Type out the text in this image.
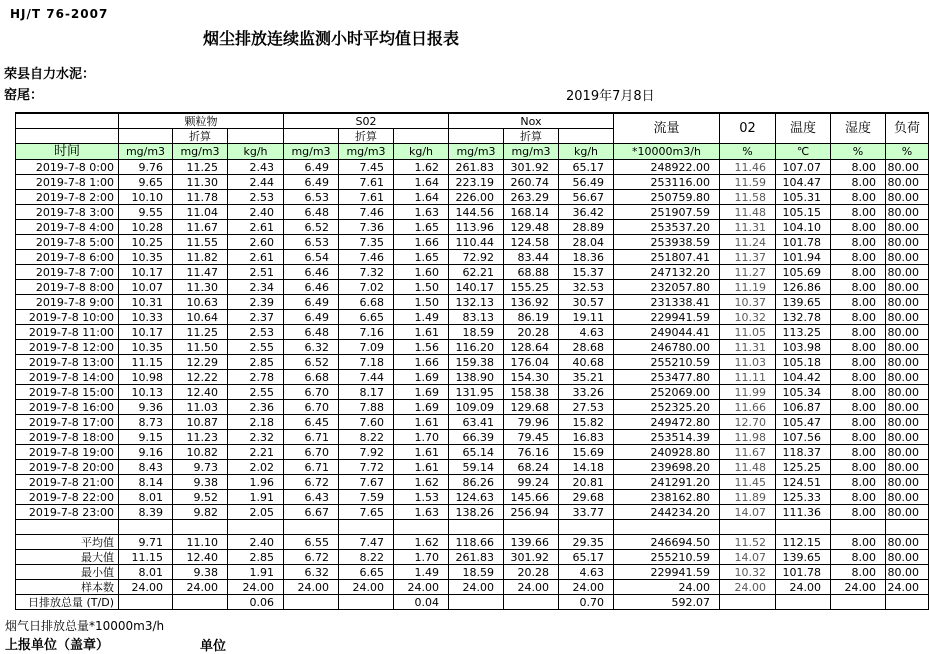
HJ/T 76-2007
烟尘排放连续监测小时平均值日报表
荣县自力水泥：
窑尾：	2019年7月8日
	颗粒物			S02			Nox			流量	02	温度	湿度	负荷
		折算			折算			折算						
时间	mg/m3	mg/m3	kg/h	mg/m3	mg/m3	kg/h	mg/m3	mg/m3	kg/h	*10000m3/h	%	℃	%	%
2019-7-8 0:00	9.76	11.25	2.43	6.49	7.45	1.62	261.83	301.92	65.17	248922.00	11.46	107.07	8.00	80.00
2019-7-8 1:00	9.65	11.30	2.44	6.49	7.61	1.64	223.19	260.74	56.49	253116.00	11.59	104.47	8.00	80.00
2019-7-8 2:00	10.10	11.78	2.53	6.53	7.61	1.64	226.00	263.29	56.67	250759.80	11.58	105.31	8.00	80.00
2019-7-8 3:00	9.55	11.04	2.40	6.48	7.46	1.63	144.56	168.14	36.42	251907.59	11.48	105.15	8.00	80.00
2019-7-8 4:00	10.28	11.67	2.61	6.52	7.36	1.65	113.96	129.48	28.89	253537.20	11.31	104.10	8.00	80.00
2019-7-8 5:00	10.25	11.55	2.60	6.53	7.35	1.66	110.44	124.58	28.04	253938.59	11.24	101.78	8.00	80.00
2019-7-8 6:00	10.35	11.82	2.61	6.54	7.46	1.65	72.92	83.44	18.36	251807.41	11.37	101.94	8.00	80.00
2019-7-8 7:00	10.17	11.47	2.51	6.46	7.32	1.60	62.21	68.88	15.37	247132.20	11.27	105.69	8.00	80.00
2019-7-8 8:00	10.07	11.30	2.34	6.46	7.02	1.50	140.17	155.25	32.53	232057.80	11.19	126.86	8.00	80.00
2019-7-8 9:00	10.31	10.63	2.39	6.49	6.68	1.50	132.13	136.92	30.57	231338.41	10.37	139.65	8.00	80.00
2019-7-8 10:00	10.33	10.64	2.37	6.49	6.65	1.49	83.13	86.19	19.11	229941.59	10.32	132.78	8.00	80.00
2019-7-8 11:00	10.17	11.25	2.53	6.48	7.16	1.61	18.59	20.28	4.63	249044.41	11.05	113.25	8.00	80.00
2019-7-8 12:00	10.35	11.50	2.55	6.32	7.09	1.56	116.20	128.64	28.68	246780.00	11.31	103.98	8.00	80.00
2019-7-8 13:00	11.15	12.29	2.85	6.52	7.18	1.66	159.38	176.04	40.68	255210.59	11.03	105.18	8.00	80.00
2019-7-8 14:00	10.98	12.22	2.78	6.68	7.44	1.69	138.90	154.30	35.21	253477.80	11.11	104.42	8.00	80.00
2019-7-8 15:00	10.13	12.40	2.55	6.70	8.17	1.69	131.95	158.38	33.26	252069.00	11.99	105.34	8.00	80.00
2019-7-8 16:00	9.36	11.03	2.36	6.70	7.88	1.69	109.09	129.68	27.53	252325.20	11.66	106.87	8.00	80.00
2019-7-8 17:00	8.73	10.87	2.18	6.45	7.60	1.61	63.41	79.96	15.82	249472.80	12.70	105.47	8.00	80.00
2019-7-8 18:00	9.15	11.23	2.32	6.71	8.22	1.70	66.39	79.45	16.83	253514.39	11.98	107.56	8.00	80.00
2019-7-8 19:00	9.16	10.82	2.21	6.70	7.92	1.61	65.14	76.16	15.69	240928.80	11.67	118.37	8.00	80.00
2019-7-8 20:00	8.43	9.73	2.02	6.71	7.72	1.61	59.14	68.24	14.18	239698.20	11.48	125.25	8.00	80.00
2019-7-8 21:00	8.14	9.38	1.96	6.72	7.67	1.62	86.26	99.24	20.81	241291.20	11.45	124.51	8.00	80.00
2019-7-8 22:00	8.01	9.52	1.91	6.43	7.59	1.53	124.63	145.66	29.68	238162.80	11.89	125.33	8.00	80.00
2019-7-8 23:00	8.39	9.82	2.05	6.67	7.65	1.63	138.26	256.94	33.77	244234.20	14.07	111.36	8.00	80.00

平均值	9.71	11.10	2.40	6.55	7.47	1.62	118.66	139.66	29.35	246694.50	11.52	112.15	8.00	80.00
最大值	11.15	12.40	2.85	6.72	8.22	1.70	261.83	301.92	65.17	255210.59	14.07	139.65	8.00	80.00
最小值	8.01	9.38	1.91	6.32	6.65	1.49	18.59	20.28	4.63	229941.59	10.32	101.78	8.00	80.00
样本数	24.00	24.00	24.00	24.00	24.00	24.00	24.00	24.00	24.00	24.00	24.00	24.00	24.00	24.00
日排放总量 (T/D)			0.06			0.04			0.70	592.07				
烟气日排放总量*10000m3/h
上报单位（盖章）	单位
